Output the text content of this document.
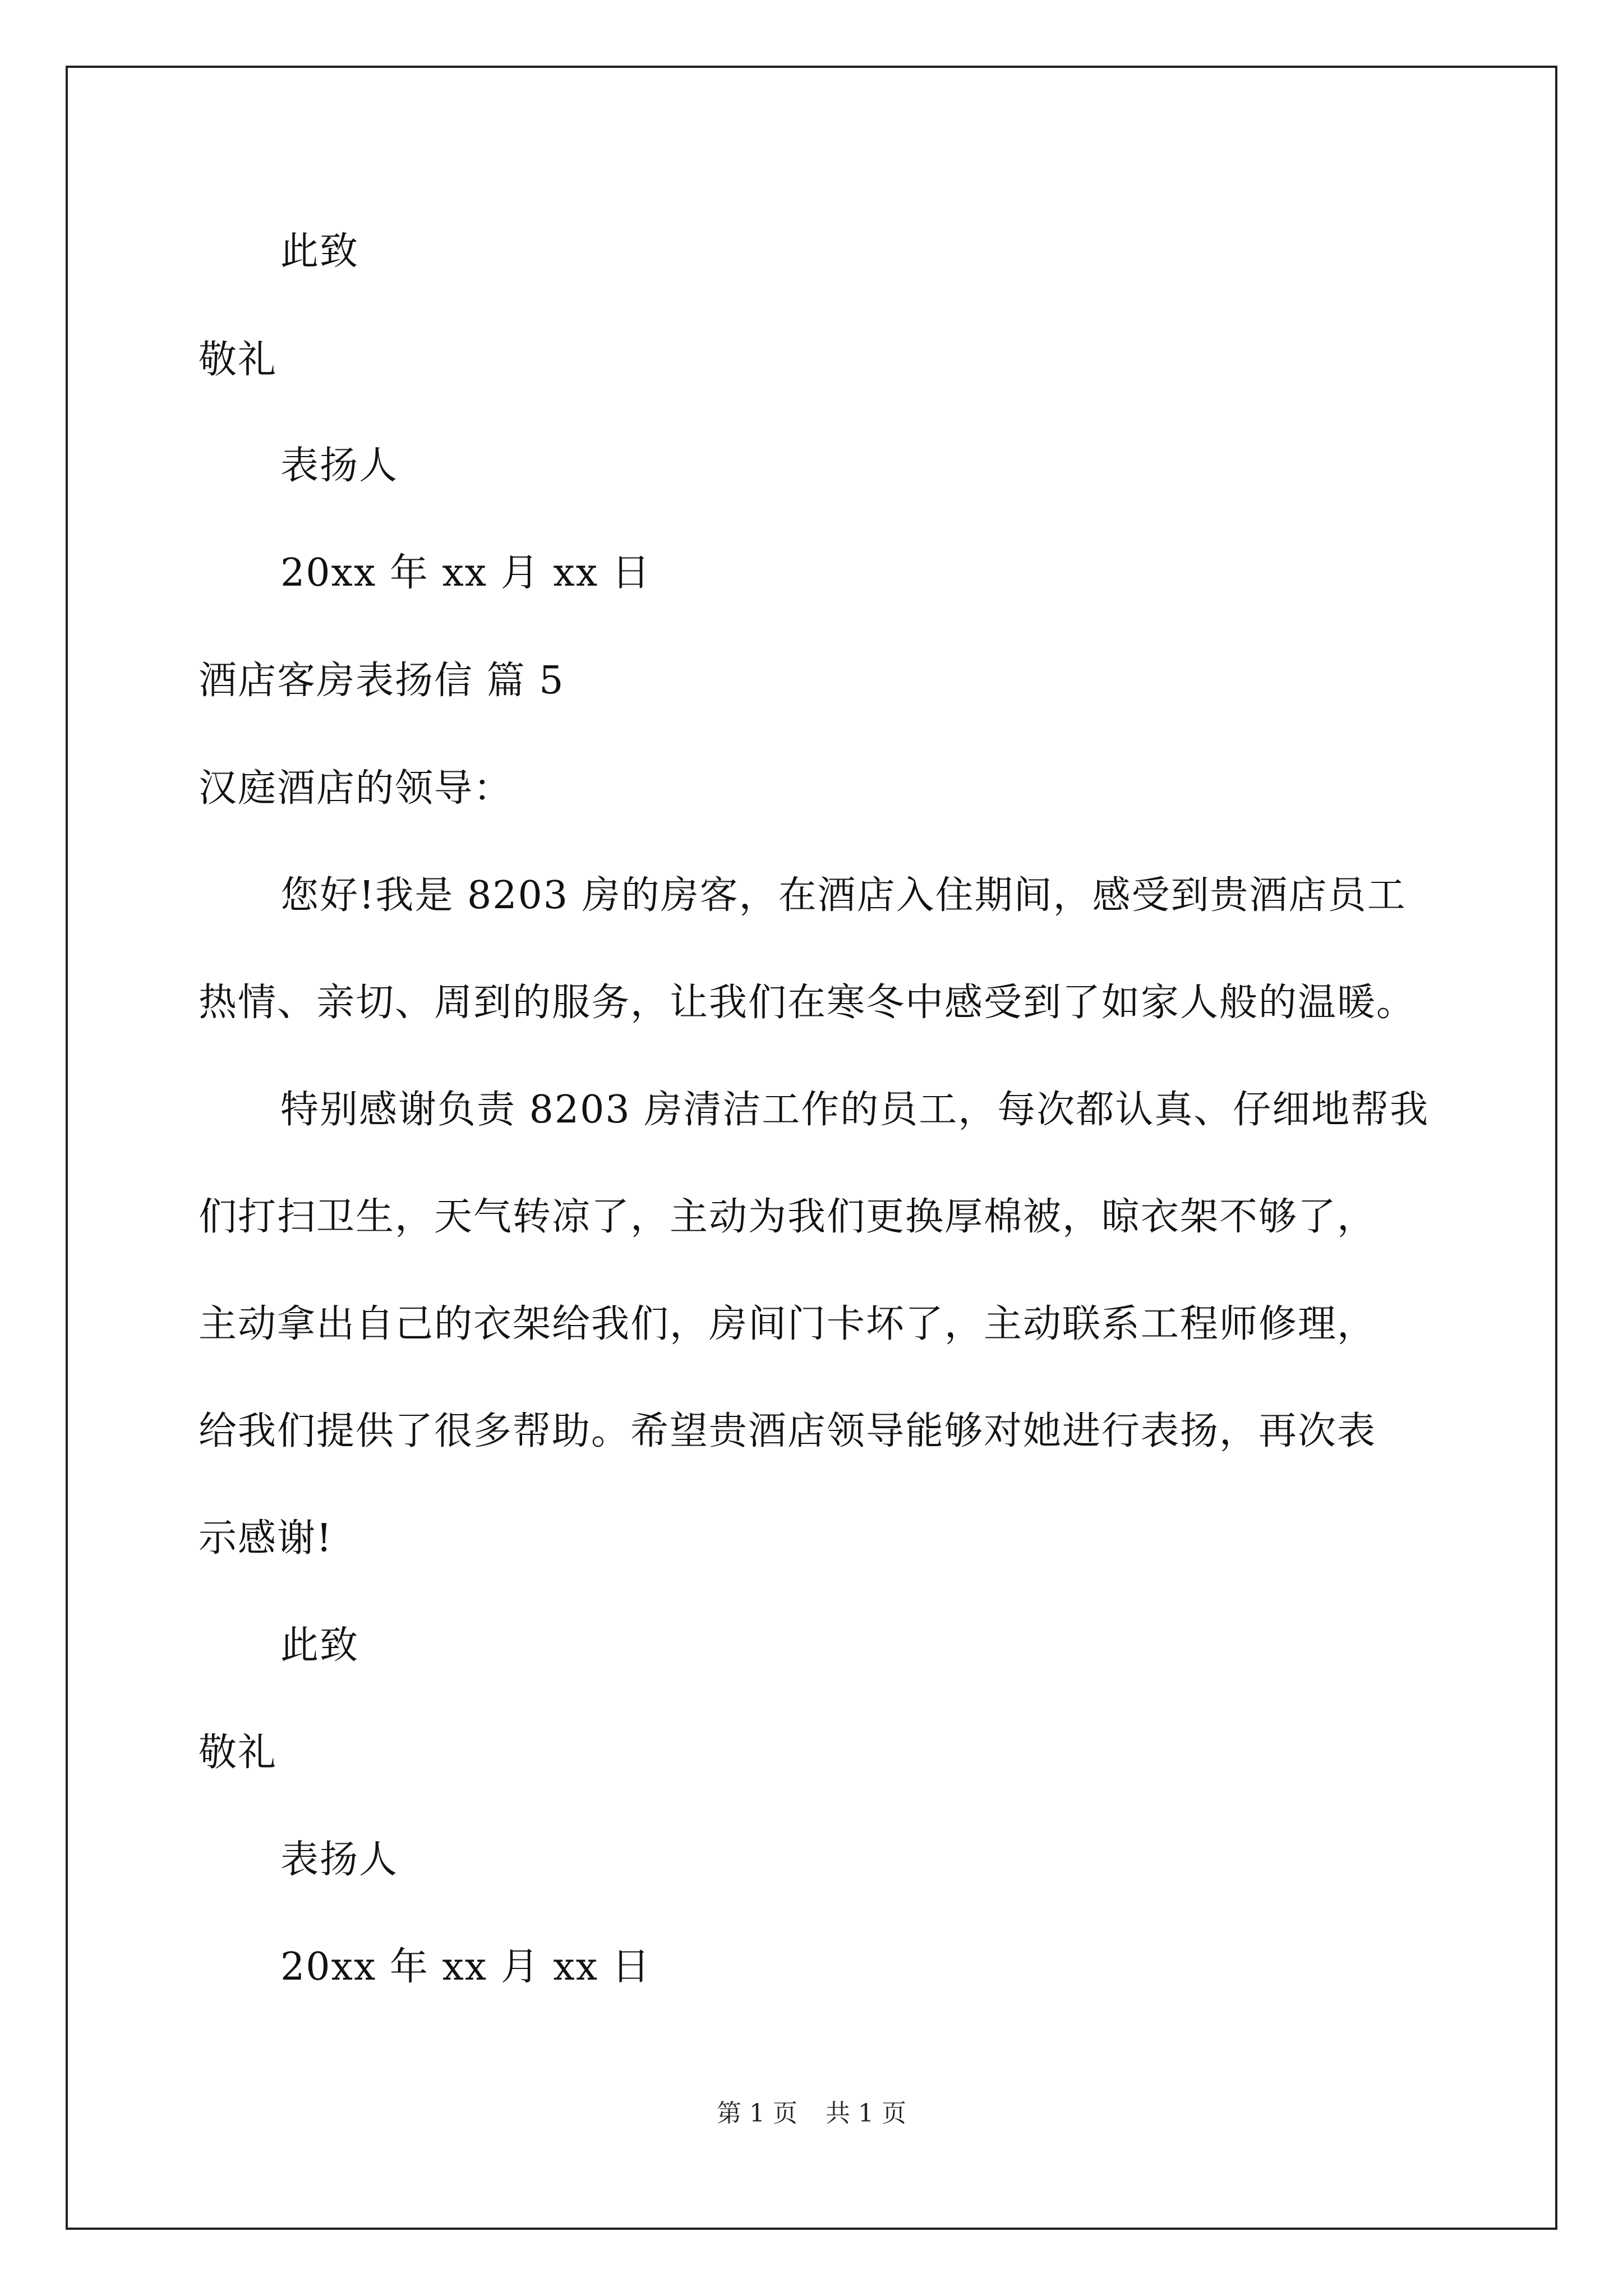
此致
敬礼
表扬人
20xx 年 xx 月 xx 日
酒店客房表扬信 篇 5
汉庭酒店的领导：
您好!我是 8203 房的房客，在酒店入住期间，感受到贵酒店员工
热情、亲切、周到的服务，让我们在寒冬中感受到了如家人般的温暖。
特别感谢负责 8203 房清洁工作的员工，每次都认真、仔细地帮我
们打扫卫生，天气转凉了，主动为我们更换厚棉被，晾衣架不够了，
主动拿出自己的衣架给我们，房间门卡坏了，主动联系工程师修理，
给我们提供了很多帮助。希望贵酒店领导能够对她进行表扬，再次表
示感谢!
此致
敬礼
表扬人
20xx 年 xx 月 xx 日
第 1 页 共 1 页
